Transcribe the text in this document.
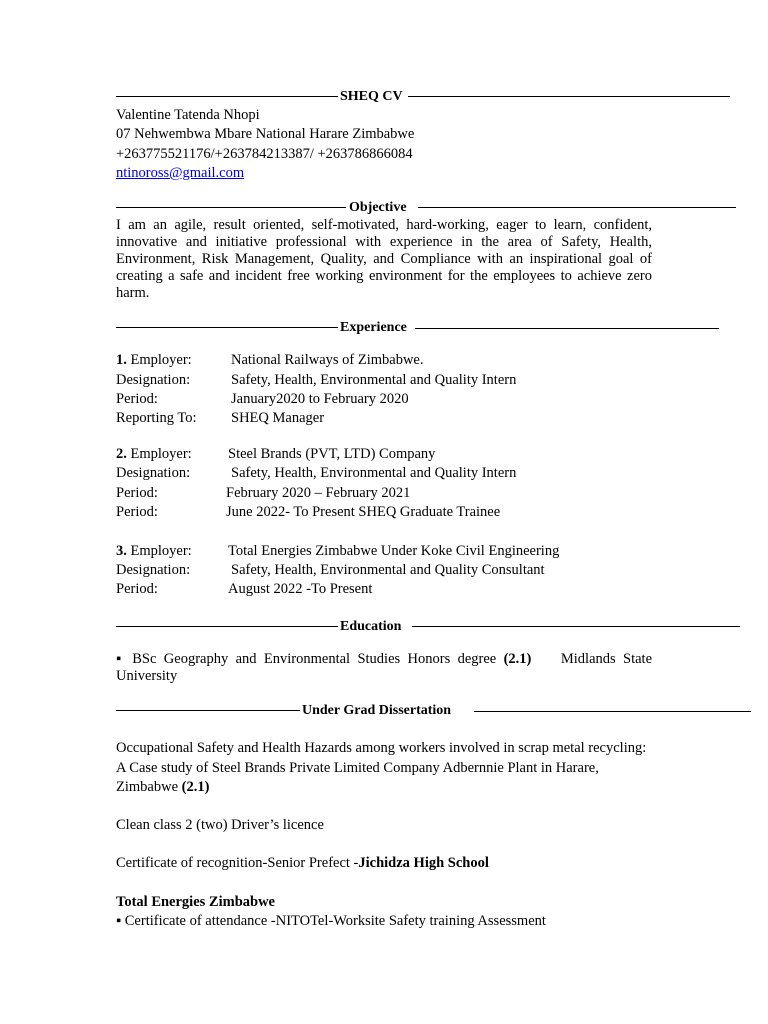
SHEQ CV
Valentine Tatenda Nhopi
07 Nehwembwa Mbare National Harare Zimbabwe
+263775521176/+263784213387/ +263786866084
ntinoross@gmail.com
Objective
I am an agile, result oriented, self-motivated, hard-working, eager to learn, confident, innovative and initiative professional with experience in the area of Safety, Health, Environment, Risk Management, Quality, and Compliance with an inspirational goal of creating a safe and incident free working environment for the employees to achieve zero harm.
Experience
1. Employer:	National Railways of Zimbabwe.
Designation:	Safety, Health, Environmental and Quality Intern
Period:	January2020 to February 2020
Reporting To: SHEQ Manager
2. Employer:	Steel Brands (PVT, LTD) Company
Designation:	Safety, Health, Environmental and Quality Intern
Period:	February 2020 – February 2021
Period:	June 2022- To Present SHEQ Graduate Trainee
3. Employer:	Total Energies Zimbabwe Under Koke Civil Engineering
Designation:	Safety, Health, Environmental and Quality Consultant
Period:	August 2022 -To Present
Education
▪ BSc Geography and Environmental Studies Honors degree (2.1) Midlands State University
Under Grad Dissertation
Occupational Safety and Health Hazards among workers involved in scrap metal recycling: A Case study of Steel Brands Private Limited Company Adbernnie Plant in Harare, Zimbabwe (2.1)
Clean class 2 (two) Driver’s licence
Certificate of recognition-Senior Prefect -Jichidza High School
Total Energies Zimbabwe
▪ Certificate of attendance -NITOTel-Worksite Safety training Assessment
